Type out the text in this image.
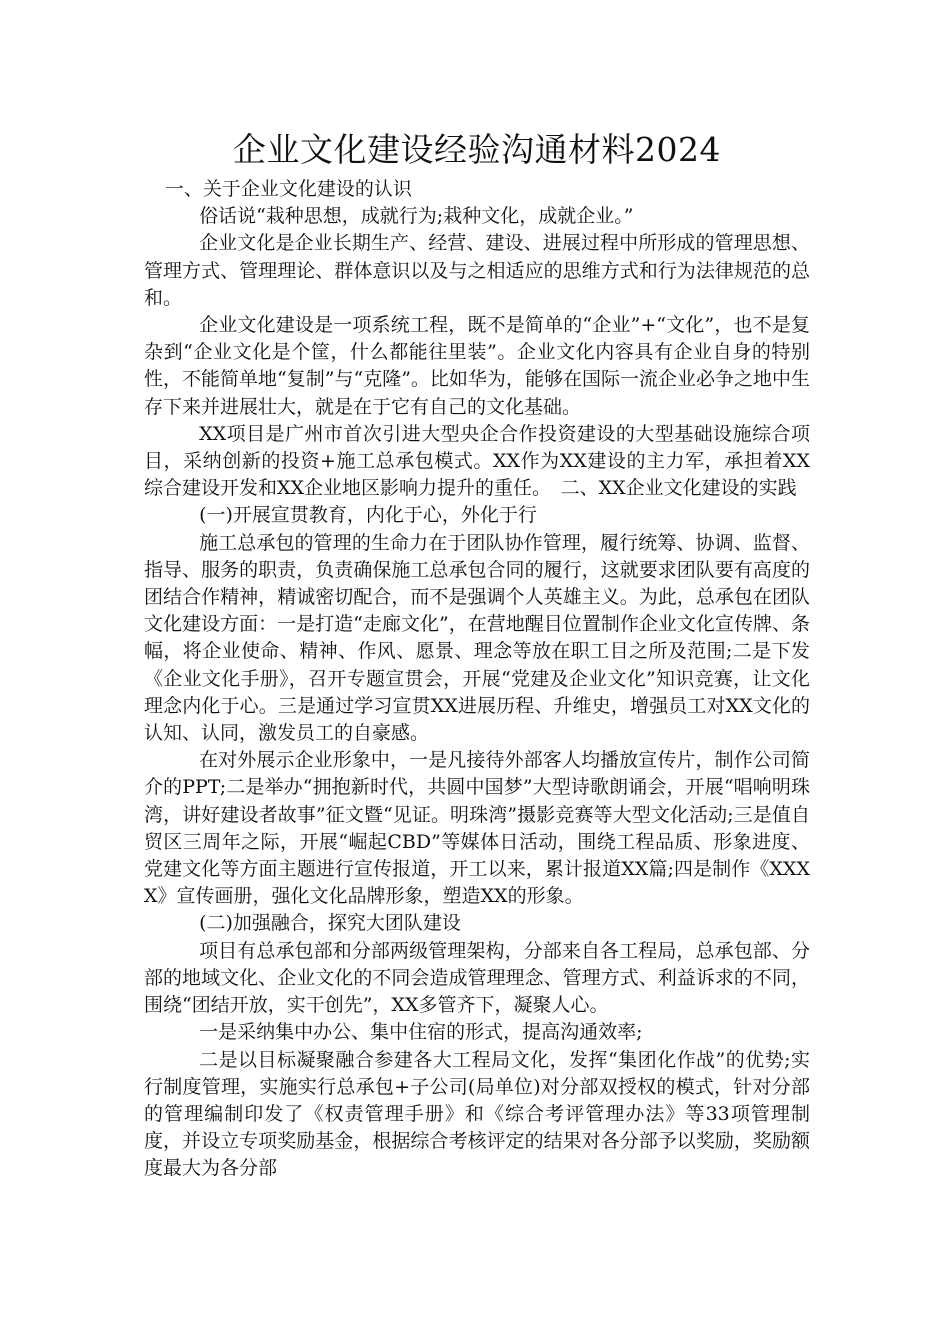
企业文化建设经验沟通材料2024

一、关于企业文化建设的认识

俗话说“栽种思想，成就行为;栽种文化，成就企业。”

企业文化是企业长期生产、经营、建设、进展过程中所形成的管理思想、管理方式、管理理论、群体意识以及与之相适应的思维方式和行为法律规范的总和。

企业文化建设是一项系统工程，既不是简单的“企业”+“文化”，也不是复杂到“企业文化是个筐，什么都能往里装”。企业文化内容具有企业自身的特别性，不能简单地“复制”与“克隆”。比如华为，能够在国际一流企业必争之地中生存下来并进展壮大，就是在于它有自己的文化基础。

XX项目是广州市首次引进大型央企合作投资建设的大型基础设施综合项目，采纳创新的投资+施工总承包模式。XX作为XX建设的主力军，承担着XX综合建设开发和XX企业地区影响力提升的重任。 二、XX企业文化建设的实践

(一)开展宣贯教育，内化于心，外化于行

施工总承包的管理的生命力在于团队协作管理，履行统筹、协调、监督、指导、服务的职责，负责确保施工总承包合同的履行，这就要求团队要有高度的团结合作精神，精诚密切配合，而不是强调个人英雄主义。为此，总承包在团队文化建设方面：一是打造“走廊文化”，在营地醒目位置制作企业文化宣传牌、条幅，将企业使命、精神、作风、愿景、理念等放在职工目之所及范围;二是下发《企业文化手册》，召开专题宣贯会，开展“党建及企业文化”知识竞赛，让文化理念内化于心。三是通过学习宣贯XX进展历程、升维史，增强员工对XX文化的认知、认同，激发员工的自豪感。

在对外展示企业形象中，一是凡接待外部客人均播放宣传片，制作公司简介的PPT;二是举办“拥抱新时代，共圆中国梦”大型诗歌朗诵会，开展“唱响明珠湾，讲好建设者故事”征文暨“见证。明珠湾”摄影竞赛等大型文化活动;三是值自贸区三周年之际，开展“崛起CBD”等媒体日活动，围绕工程品质、形象进度、党建文化等方面主题进行宣传报道，开工以来，累计报道XX篇;四是制作《XXXX》宣传画册，强化文化品牌形象，塑造XX的形象。

(二)加强融合，探究大团队建设

项目有总承包部和分部两级管理架构，分部来自各工程局，总承包部、分部的地域文化、企业文化的不同会造成管理理念、管理方式、利益诉求的不同，围绕“团结开放，实干创先”，XX多管齐下，凝聚人心。

一是采纳集中办公、集中住宿的形式，提高沟通效率;

二是以目标凝聚融合参建各大工程局文化，发挥“集团化作战”的优势;实行制度管理，实施实行总承包+子公司(局单位)对分部双授权的模式，针对分部的管理编制印发了《权责管理手册》和《综合考评管理办法》等33项管理制度，并设立专项奖励基金，根据综合考核评定的结果对各分部予以奖励，奖励额度最大为各分部
